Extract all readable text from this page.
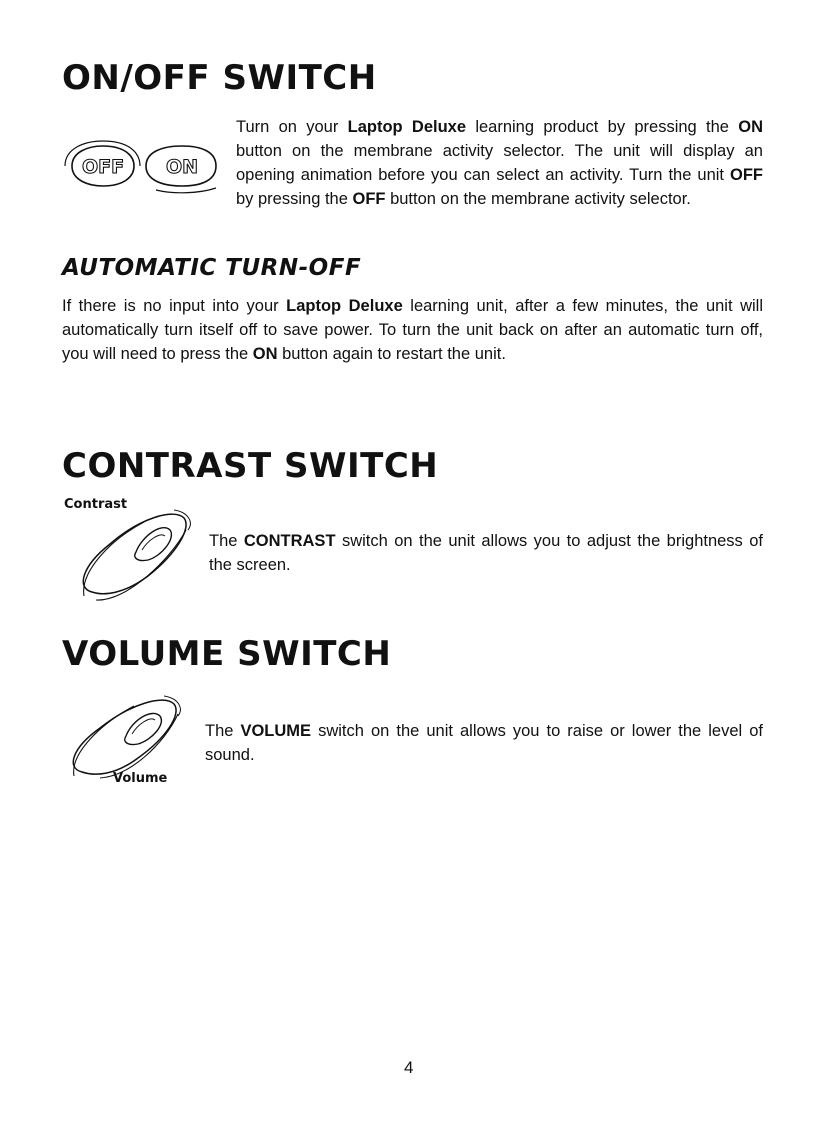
ON/OFF SWITCH
OFF ON

Turn on your Laptop Deluxe learning product by pressing the ON button on the membrane activity selector. The unit will display an opening animation before you can select an activity. Turn the unit OFF by pressing the OFF button on the membrane activity selector.

AUTOMATIC TURN-OFF

If there is no input into your Laptop Deluxe learning unit, after a few minutes, the unit will automatically turn itself off to save power. To turn the unit back on after an automatic turn off, you will need to press the ON button again to restart the unit.

CONTRAST SWITCH
Contrast

The CONTRAST switch on the unit allows you to adjust the brightness of the screen.

VOLUME SWITCH
Volume

The VOLUME switch on the unit allows you to raise or lower the level of sound.

4
